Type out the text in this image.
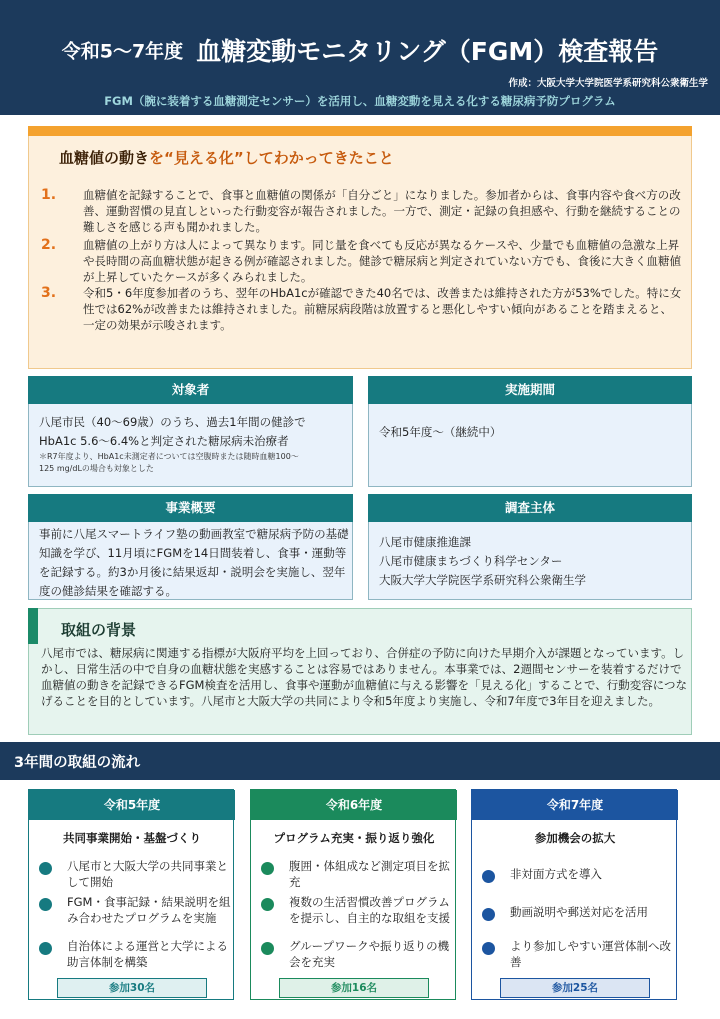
令和5〜7年度 血糖変動モニタリング（FGM）検査報告
作成：大阪大学大学院医学系研究科公衆衛生学
FGM（腕に装着する血糖測定センサー）を活用し、血糖変動を見える化する糖尿病予防プログラム
血糖値の動きを“見える化”してわかってきたこと
1.	血糖値を記録することで、食事と血糖値の関係が「自分ごと」になりました。参加者からは、食事内容や食べ方の改善、運動習慣の見直しといった行動変容が報告されました。一方で、測定・記録の負担感や、行動を継続することの難しさを感じる声も聞かれました。
2.	血糖値の上がり方は人によって異なります。同じ量を食べても反応が異なるケースや、少量でも血糖値の急激な上昇や長時間の高血糖状態が起きる例が確認されました。健診で糖尿病と判定されていない方でも、食後に大きく血糖値が上昇していたケースが多くみられました。
3.	令和5・6年度参加者のうち、翌年のHbA1cが確認できた40名では、改善または維持された方が53%でした。特に女性では62%が改善または維持されました。前糖尿病段階は放置すると悪化しやすい傾向があることを踏まえると、一定の効果が示唆されます。
対象者
八尾市民（40〜69歳）のうち、過去1年間の健診で
HbA1c 5.6〜6.4%と判定された糖尿病未治療者
＊R7年度より、HbA1c未測定者については空腹時または随時血糖100〜
125 mg/dLの場合も対象とした
実施期間
令和5年度〜（継続中）
事業概要
事前に八尾スマートライフ塾の動画教室で糖尿病予防の基礎知識を学び、11月頃にFGMを14日間装着し、食事・運動等を記録する。約3か月後に結果返却・説明会を実施し、翌年度の健診結果を確認する。
調査主体
八尾市健康推進課
八尾市健康まちづくり科学センター
大阪大学大学院医学系研究科公衆衛生学
取組の背景
八尾市では、糖尿病に関連する指標が大阪府平均を上回っており、合併症の予防に向けた早期介入が課題となっています。しかし、日常生活の中で自身の血糖状態を実感することは容易ではありません。本事業では、2週間センサーを装着するだけで血糖値の動きを記録できるFGM検査を活用し、食事や運動が血糖値に与える影響を「見える化」することで、行動変容につなげることを目的としています。八尾市と大阪大学の共同により令和5年度より実施し、令和7年度で3年目を迎えました。
3年間の取組の流れ
令和5年度
共同事業開始・基盤づくり
八尾市と大阪大学の共同事業として開始
FGM・食事記録・結果説明を組み合わせたプログラムを実施
自治体による運営と大学による助言体制を構築
参加30名
令和6年度
プログラム充実・振り返り強化
腹囲・体組成など測定項目を拡充
複数の生活習慣改善プログラムを提示し、自主的な取組を支援
グループワークや振り返りの機会を充実
参加16名
令和7年度
参加機会の拡大
非対面方式を導入
動画説明や郵送対応を活用
より参加しやすい運営体制へ改善
参加25名
